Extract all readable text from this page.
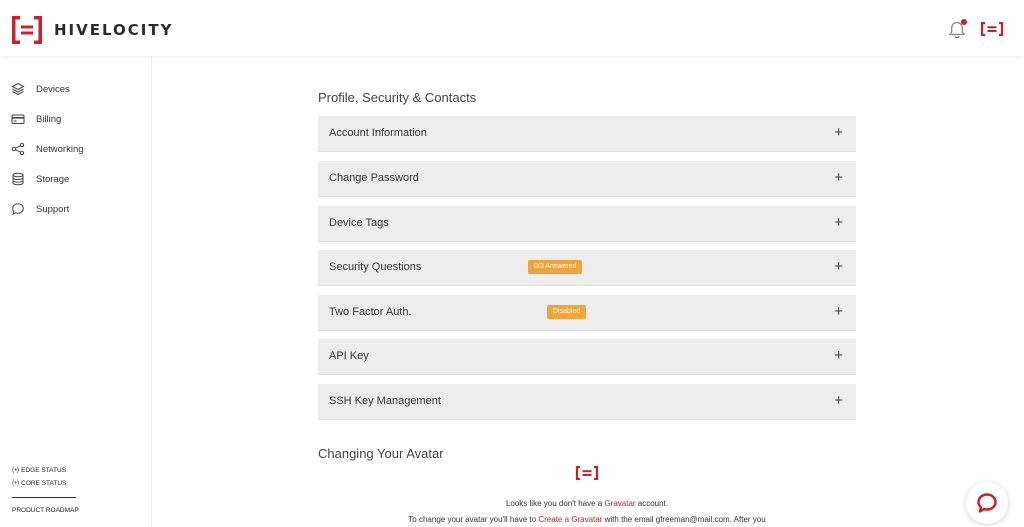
HIVELOCITY
Devices
Billing
Networking
Storage
Support
(•) EDGE STATUS
(•) CORE STATUS
PRODUCT ROADMAP
Profile, Security & Contacts
Account Information	+
Change Password	+
Device Tags	+
Security Questions	0/3 Answered	+
Two Factor Auth.	Disabled	+
API Key	+
SSH Key Management	+
Changing Your Avatar
Looks like you don't have a Gravatar account.
To change your avatar you'll have to Create a Gravatar with the email gfreeman@mail.com. After you
